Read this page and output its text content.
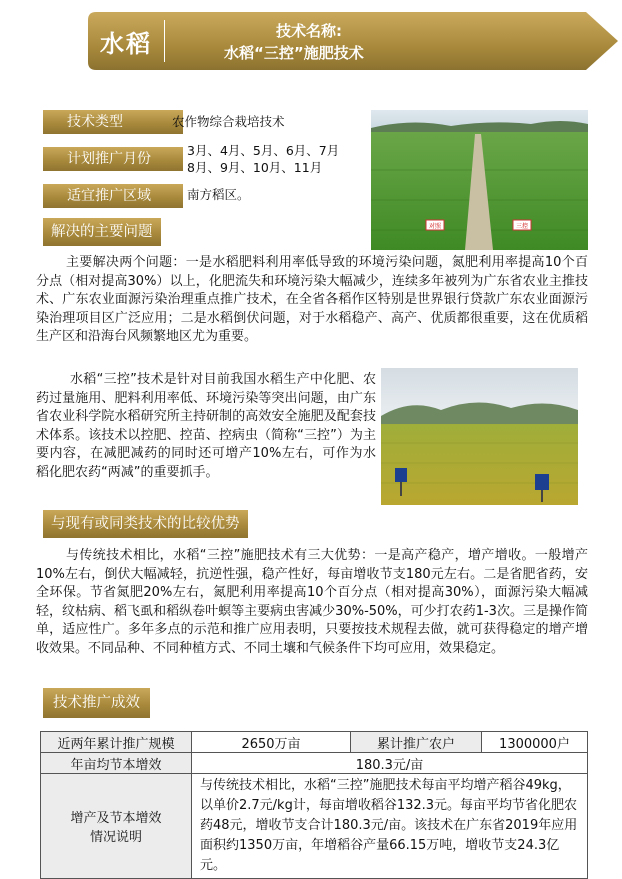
水稻	技术名称:
水稻“三控”施肥技术
技术类型	农作物综合栽培技术
计划推广月份
3月、4月、5月、6月、7月
8月、9月、10月、11月
适宜推广区域	南方稻区。
对照	三控
解决的主要问题

主要解决两个问题：一是水稻肥料利用率低导致的环境污染问题，氮肥利用率提高10个百分点（相对提高30%）以上，化肥流失和环境污染大幅减少，连续多年被列为广东省农业主推技术、广东农业面源污染治理重点推广技术，在全省各稻作区特别是世界银行贷款广东农业面源污染治理项目区广泛应用；二是水稻倒伏问题，对于水稻稳产、高产、优质都很重要，这在优质稻生产区和沿海台风频繁地区尤为重要。

水稻“三控”技术是针对目前我国水稻生产中化肥、农药过量施用、肥料利用率低、环境污染等突出问题，由广东省农业科学院水稻研究所主持研制的高效安全施肥及配套技术体系。该技术以控肥、控苗、控病虫（简称“三控”）为主要内容，在减肥减药的同时还可增产10%左右，可作为水稻化肥农药“两减”的重要抓手。

与现有或同类技术的比较优势

与传统技术相比，水稻“三控”施肥技术有三大优势：一是高产稳产，增产增收。一般增产10%左右，倒伏大幅减轻，抗逆性强，稳产性好，每亩增收节支180元左右。二是省肥省药，安全环保。节省氮肥20%左右，氮肥利用率提高10个百分点（相对提高30%），面源污染大幅减轻，纹枯病、稻飞虱和稻纵卷叶螟等主要病虫害减少30%-50%，可少打农药1-3次。三是操作简单，适应性广。多年多点的示范和推广应用表明，只要按技术规程去做，就可获得稳定的增产增收效果。不同品种、不同种植方式、不同土壤和气候条件下均可应用，效果稳定。

技术推广成效
近两年累计推广规模	2650万亩	累计推广农户	1300000户
年亩均节本增效	180.3元/亩		

增产及节本增效
情况说明	与传统技术相比，水稻“三控”施肥技术每亩平均增产稻谷49kg，以单价2.7元/kg计，每亩增收稻谷132.3元。每亩平均节省化肥农药48元，增收节支合计180.3元/亩。该技术在广东省2019年应用面积约1350万亩，年增稻谷产量66.15万吨，增收节支24.3亿元。		
